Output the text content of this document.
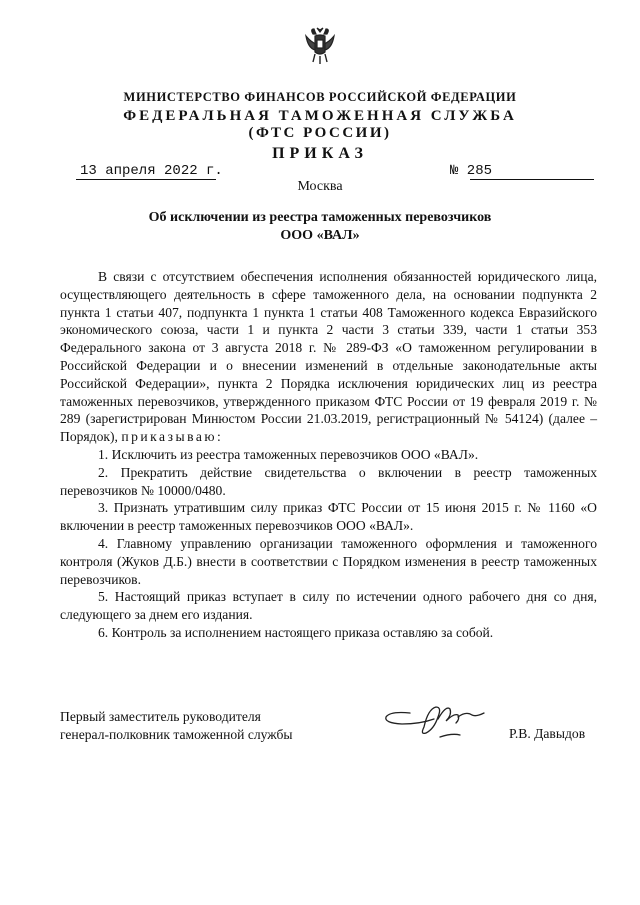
МИНИСТЕРСТВО ФИНАНСОВ РОССИЙСКОЙ ФЕДЕРАЦИИ
ФЕДЕРАЛЬНАЯ ТАМОЖЕННАЯ СЛУЖБА
(ФТС РОССИИ)
ПРИКАЗ
13 апреля 2022 г.	№ 285
Москва
Об исключении из реестра таможенных перевозчиков
ООО «ВАЛ»

В связи с отсутствием обеспечения исполнения обязанностей юридического лица, осуществляющего деятельность в сфере таможенного дела, на основании подпункта 2 пункта 1 статьи 407, подпункта 1 пункта 1 статьи 408 Таможенного кодекса Евразийского экономического союза, части 1 и пункта 2 части 3 статьи 339, части 1 статьи 353 Федерального закона от 3 августа 2018 г. № 289-ФЗ «О таможенном регулировании в Российской Федерации и о внесении изменений в отдельные законодательные акты Российской Федерации», пункта 2 Порядка исключения юридических лиц из реестра таможенных перевозчиков, утвержденного приказом ФТС России от 19 февраля 2019 г. № 289 (зарегистрирован Минюстом России 21.03.2019, регистрационный № 54124) (далее – Порядок), приказываю:

1. Исключить из реестра таможенных перевозчиков ООО «ВАЛ».

2. Прекратить действие свидетельства о включении в реестр таможенных перевозчиков № 10000/0480.

3. Признать утратившим силу приказ ФТС России от 15 июня 2015 г. № 1160 «О включении в реестр таможенных перевозчиков ООО «ВАЛ».

4. Главному управлению организации таможенного оформления и таможенного контроля (Жуков Д.Б.) внести в соответствии с Порядком изменения в реестр таможенных перевозчиков.

5. Настоящий приказ вступает в силу по истечении одного рабочего дня со дня, следующего за днем его издания.

6. Контроль за исполнением настоящего приказа оставляю за собой.

Первый заместитель руководителя
генерал-полковник таможенной службы	Р.В. Давыдов
